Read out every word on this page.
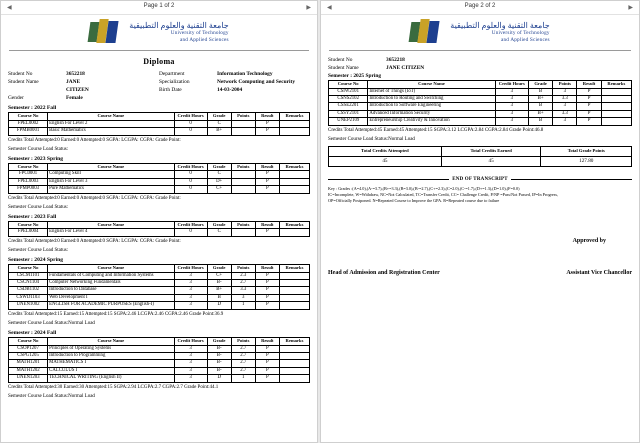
◀	Page 1 of 2	▶
جامعة التقنية والعلوم التطبيقية
University of Technology
and Applied Sciences
Diploma
Student No	3652218
Student Name	JANE
CITIZEN
Gender	Female
Department	Information Technology
Specialization	Network Computing and Security
Birth Date	14-03-2004
Semester : 2022 Fall
Course No	Course Name	Credit Hours	Grade	Points	Result	Remarks
FPEL0002	English For Level 2	0	C		P	
FPMB0001	Basic Mathematics	0	B+		P	
Credits Total Attempted:0 Earned:0 Attempted:0 SGPA: LCGPA: CGPA: Grade Point:
Semester Course Load Status:
Semester : 2023 Spring
Course No	Course Name	Credit Hours	Grade	Points	Result	Remarks
FPC0001	Computing Skill	0	C		P	
FPEL0003	English For Level 3	0	D+		P	
FPMP0003	Pure Mathematics	0	C+		P	
Credits Total Attempted:0 Earned:0 Attempted:0 SGPA: LCGPA: CGPA: Grade Point:
Semester Course Load Status:
Semester : 2023 Fall
Course No	Course Name	Credit Hours	Grade	Points	Result	Remarks
FPEL0004	English For Level 4	0	C		P	
Credits Total Attempted:0 Earned:0 Attempted:0 SGPA: LCGPA: CGPA: Grade Point:
Semester Course Load Status:
Semester : 2024 Spring
Course No	Course Name	Credit Hours	Grade	Points	Result	Remarks
CSCM1101	Fundamentals of Computing and Information Systems	3	C+	2.3	P	
CSCN1104	Computer Networking Fundamentals	3	B-	2.7	P	
CSDB1102	Introduction to Database	3	B+	3.3	P	
CSWD1103	Web Development I	3	B	3	P	
UNEN1002	ENGLISH FOR ACADEMIC PURPOSES (English-I)	3	D	1	P	
Credits Total Attempted:15 Earned:15 Attempted:15 SGPA:2.46 LCGPA:2.46 CGPA:2.46 Grade Point:36.9
Semester Course Load Status:Normal Load
Semester : 2024 Fall
Course No	Course Name	Credit Hours	Grade	Points	Result	Remarks
CSOP1207	Principles of Operating Systems	3	B-	2.7	P	
CSPG1205	Introduction to Programming	3	B-	2.7	P	
MATH1201	MATHEMATICS I	3	B-	2.7	P	
MATH1202	CALCULUS I	3	B-	2.7	P	
UNEN1203	TECHNICAL WRITING (English II)	3	D	1	P	
Credits Total Attempted:30 Earned:30 Attempted:15 SGPA:2.94 LCGPA:2.7 CGPA:2.7 Grade Point:44.1
Semester Course Load Status:Normal Load
◀	Page 2 of 2	▶
جامعة التقنية والعلوم التطبيقية
University of Technology
and Applied Sciences
Student No	3652218
Student Name	JANE CITIZEN
Semester : 2025 Spring
Course No	Course Name	Credit Hours	Grade	Points	Result	Remarks
CSIW2101	Internet of Things (IoT)	3	B	3	P	
CSNS2102	Introduction to Routing and Switching	3	B+	3.3	P	
CSSE2201	Introduction to Software Engineering	3	B	3	P	
CSSY2101	Advanced Information Security	3	B+	3.3	P	
UNEP2109	Entrepreneurship Creativity & Innovation	3	B	3	P	
Credits Total Attempted:45 Earned:45 Attempted:15 SGPA:3.12 LCGPA:2.84 CGPA:2.84 Grade Point:46.8
Semester Course Load Status:Normal Load
Total Credits Attempted	Total Credits Earned	Total Grade Points
45	45	127.80
END OF TRANSCRIPT
Key : Grades :(A=4.0),(A-=3.7),(B+=3.3),(B=3.0),(B-=2.7),(C+=2.3),(C=2.0),(C-=1.7),(D+=1.3),(D=1.0),(F=0.0)
IC=Incomplete, W=Withdraw, NC=Not Calculated, TC=Transfer Credit, CC= Challenge Credit, P/NP =Pass/Not Passed, IP=In Progress,
OP=Officially Postponed. N=Repeated Course to Improve the GPA. R=Repeated course due to failure
Approved by
Head of Admission and Registration Center	Assistant Vice Chancellor
